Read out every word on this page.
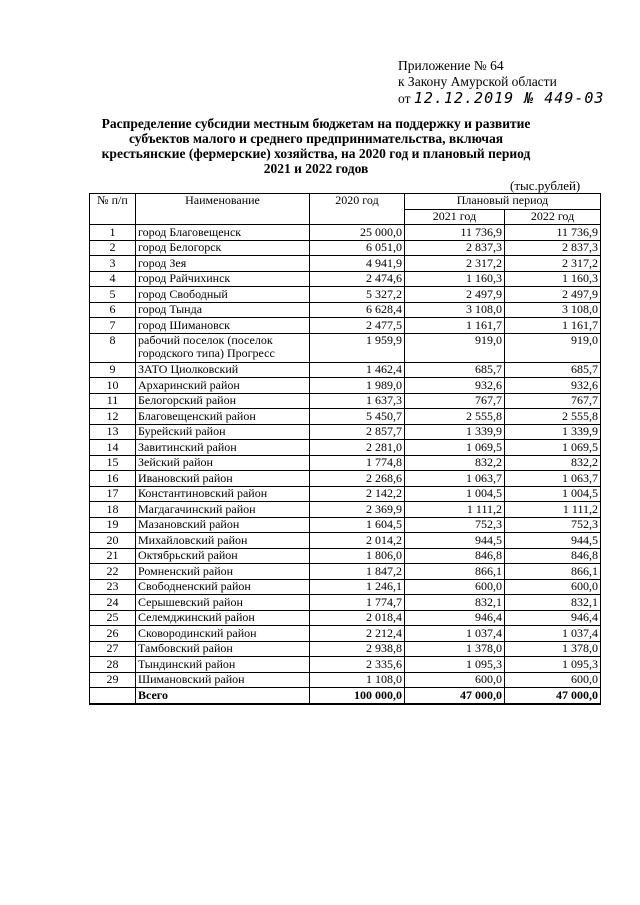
Приложение № 64
к Закону Амурской области
от 12.12.2019 № 449-03
Распределение субсидии местным бюджетам на поддержку и развитие субъектов малого и среднего предпринимательства, включая крестьянские (фермерские) хозяйства, на 2020 год и плановый период 2021 и 2022 годов
(тыс.рублей)
№ п/п	Наименование	2020 год	Плановый период	
			2021 год	2022 год
1	город Благовещенск	25 000,0	11 736,9	11 736,9
2	город Белогорск	6 051,0	2 837,3	2 837,3
3	город Зея	4 941,9	2 317,2	2 317,2
4	город Райчихинск	2 474,6	1 160,3	1 160,3
5	город Свободный	5 327,2	2 497,9	2 497,9
6	город Тында	6 628,4	3 108,0	3 108,0
7	город Шимановск	2 477,5	1 161,7	1 161,7
8	рабочий поселок (поселок городского типа) Прогресс	1 959,9	919,0	919,0
9	ЗАТО Циолковский	1 462,4	685,7	685,7
10	Архаринский район	1 989,0	932,6	932,6
11	Белогорский район	1 637,3	767,7	767,7
12	Благовещенский район	5 450,7	2 555,8	2 555,8
13	Бурейский район	2 857,7	1 339,9	1 339,9
14	Завитинский район	2 281,0	1 069,5	1 069,5
15	Зейский район	1 774,8	832,2	832,2
16	Ивановский район	2 268,6	1 063,7	1 063,7
17	Константиновский район	2 142,2	1 004,5	1 004,5
18	Магдагачинский район	2 369,9	1 111,2	1 111,2
19	Мазановский район	1 604,5	752,3	752,3
20	Михайловский район	2 014,2	944,5	944,5
21	Октябрьский район	1 806,0	846,8	846,8
22	Ромненский район	1 847,2	866,1	866,1
23	Свободненский район	1 246,1	600,0	600,0
24	Серышевский район	1 774,7	832,1	832,1
25	Селемджинский район	2 018,4	946,4	946,4
26	Сковородинский район	2 212,4	1 037,4	1 037,4
27	Тамбовский район	2 938,8	1 378,0	1 378,0
28	Тындинский район	2 335,6	1 095,3	1 095,3
29	Шимановский район	1 108,0	600,0	600,0
	Всего	100 000,0	47 000,0	47 000,0
